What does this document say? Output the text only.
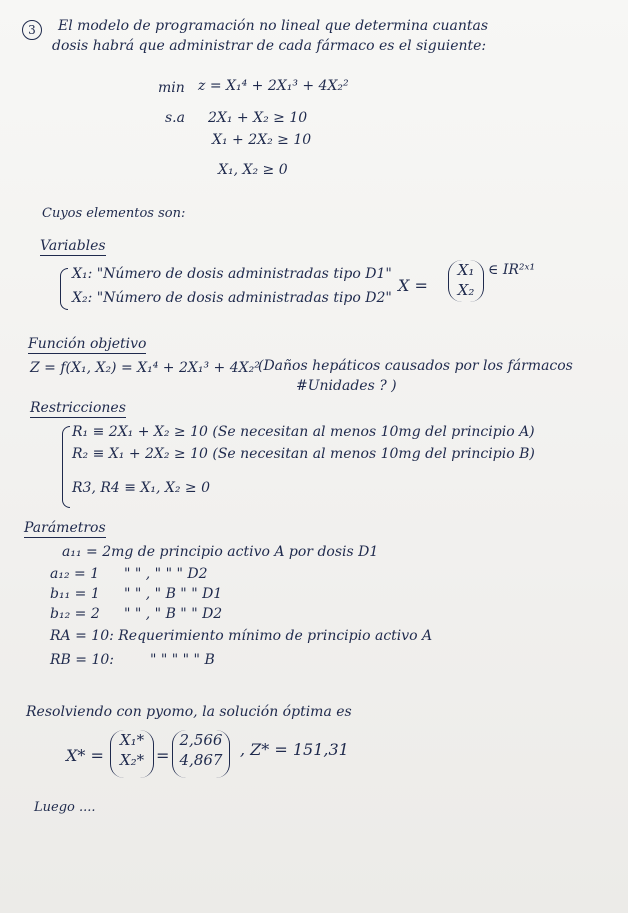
3	El modelo de programación no lineal que determina cuantas
dosis habrá que administrar de cada fármaco es el siguiente:
min z = X₁⁴ + 2X₁³ + 4X₂²
s.a 2X₁ + X₂ ≥ 10
X₁ + 2X₂ ≥ 10
X₁, X₂ ≥ 0
Cuyos elementos son:
Variables
X₁: "Número de dosis administradas tipo D1"
X₂: "Número de dosis administradas tipo D2"
X =
X₁
X₂
∈ IR²ˣ¹
Función objetivo
Z = f(X₁, X₂) = X₁⁴ + 2X₁³ + 4X₂²
(Daños hepáticos causados por los fármacos
#Unidades ? )
Restricciones
R₁ ≡ 2X₁ + X₂ ≥ 10 (Se necesitan al menos 10mg del principio A)
R₂ ≡ X₁ + 2X₂ ≥ 10 (Se necesitan al menos 10mg del principio B)
R3, R4 ≡ X₁, X₂ ≥ 0
Parámetros
a₁₁ = 2mg de principio activo A por dosis D1
a₁₂ = 1 " " , " " " D2
b₁₁ = 1 " " , " B " " D1
b₁₂ = 2 " " , " B " " D2
RA = 10: Requerimiento mínimo de principio activo A
RB = 10:	" " " " " B
Resolviendo con pyomo, la solución óptima es
X* =
X₁*
X₂* =
2,566
4,867
, Z* = 151,31
Luego ....
